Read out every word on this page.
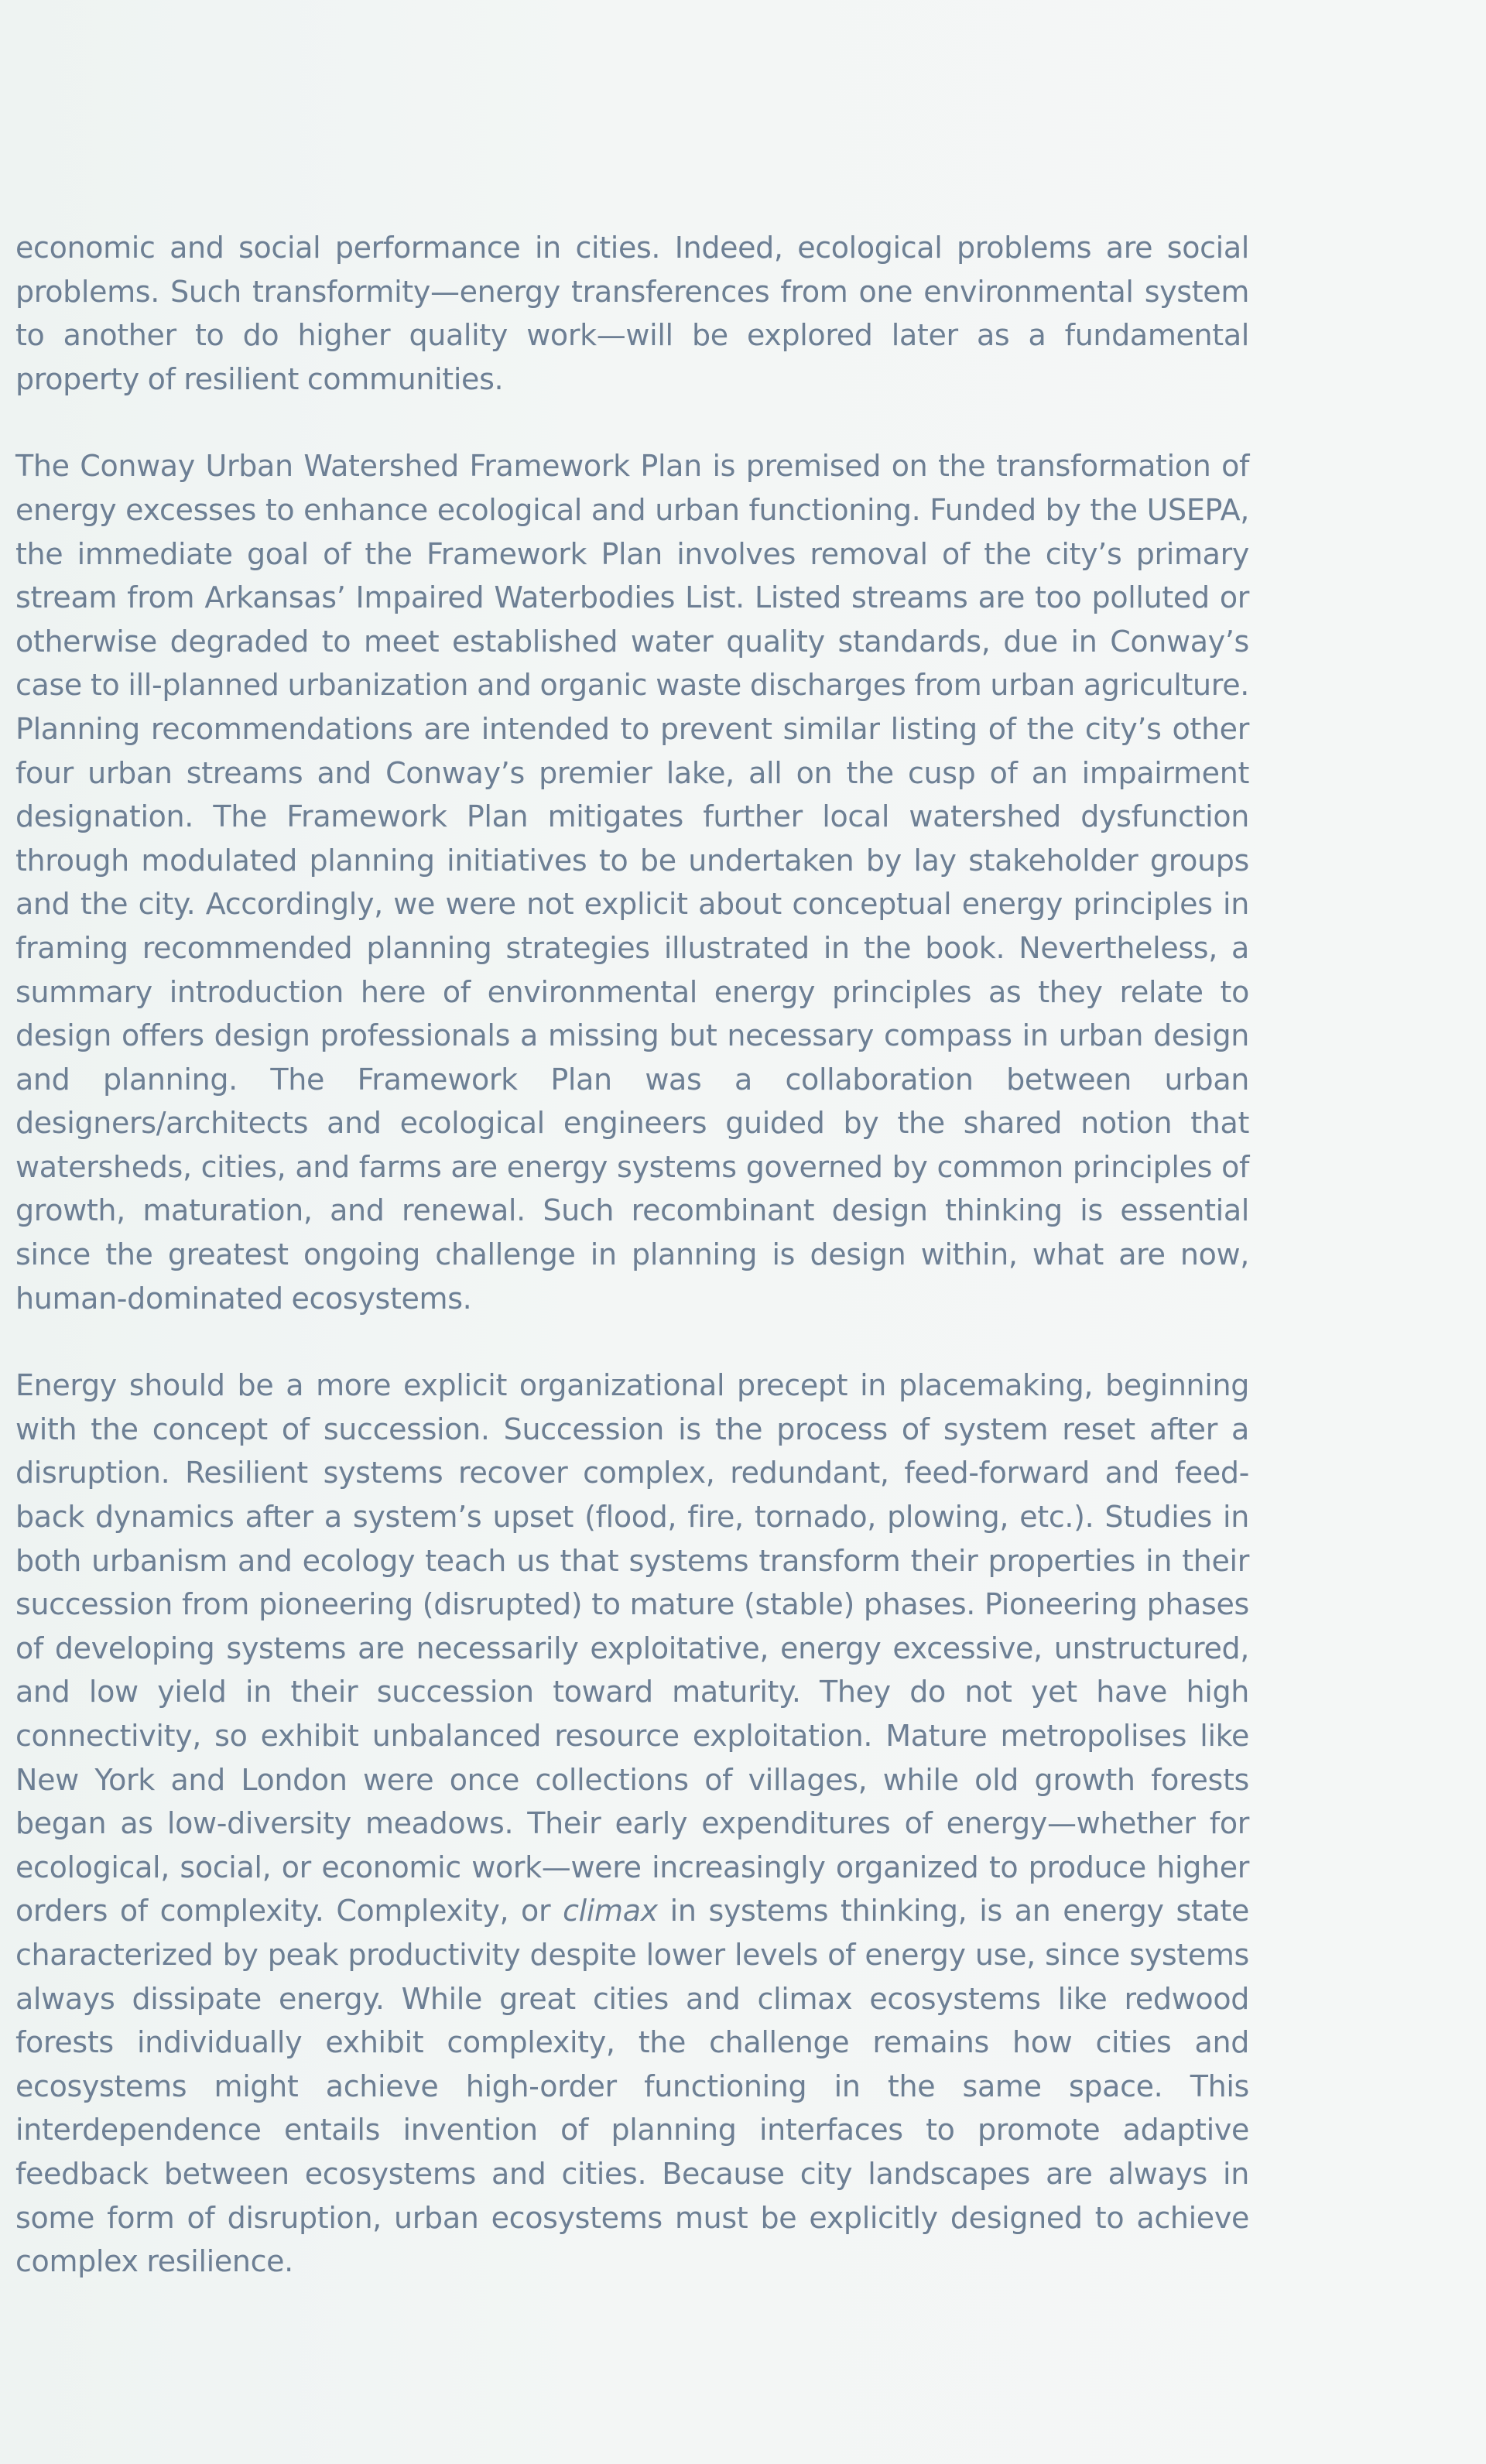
economic and social performance in cities. Indeed, ecological problems are social problems. Such transformity—energy transferences from one environmental system to another to do higher quality work—will be explored later as a fundamental property of resilient communities.

The Conway Urban Watershed Framework Plan is premised on the transformation of energy excesses to enhance ecological and urban functioning. Funded by the USEPA, the immediate goal of the Framework Plan involves removal of the city’s primary stream from Arkansas’ Impaired Waterbodies List. Listed streams are too polluted or otherwise degraded to meet established water quality standards, due in Conway’s case to ill-planned urbanization and organic waste discharges from urban agriculture. Planning recommendations are intended to prevent similar listing of the city’s other four urban streams and Conway’s premier lake, all on the cusp of an impairment designation. The Framework Plan mitigates further local watershed dysfunction through modulated planning initiatives to be undertaken by lay stakeholder groups and the city. Accordingly, we were not explicit about conceptual energy principles in framing recommended planning strategies illustrated in the book. Nevertheless, a summary introduction here of environmental energy principles as they relate to design offers design professionals a missing but necessary compass in urban design and planning. The Framework Plan was a collaboration between urban designers/architects and ecological engineers guided by the shared notion that watersheds, cities, and farms are energy systems governed by common principles of growth, maturation, and renewal. Such recombinant design thinking is essential since the greatest ongoing challenge in planning is design within, what are now, human-dominated ecosystems.

Energy should be a more explicit organizational precept in placemaking, beginning with the concept of succession. Succession is the process of system reset after a disruption. Resilient systems recover complex, redundant, feed-forward and feed-back dynamics after a system’s upset (flood, fire, tornado, plowing, etc.). Studies in both urbanism and ecology teach us that systems transform their properties in their succession from pioneering (disrupted) to mature (stable) phases. Pioneering phases of developing systems are necessarily exploitative, energy excessive, unstructured, and low yield in their succession toward maturity. They do not yet have high connectivity, so exhibit unbalanced resource exploitation. Mature metropolises like New York and London were once collections of villages, while old growth forests began as low-diversity meadows. Their early expenditures of energy—whether for ecological, social, or economic work—were increasingly organized to produce higher orders of complexity. Complexity, or climax in systems thinking, is an energy state characterized by peak productivity despite lower levels of energy use, since systems always dissipate energy. While great cities and climax ecosystems like redwood forests individually exhibit complexity, the challenge remains how cities and ecosystems might achieve high-order functioning in the same space. This interdependence entails invention of planning interfaces to promote adaptive feedback between ecosystems and cities. Because city landscapes are always in some form of disruption, urban ecosystems must be explicitly designed to achieve complex resilience.
